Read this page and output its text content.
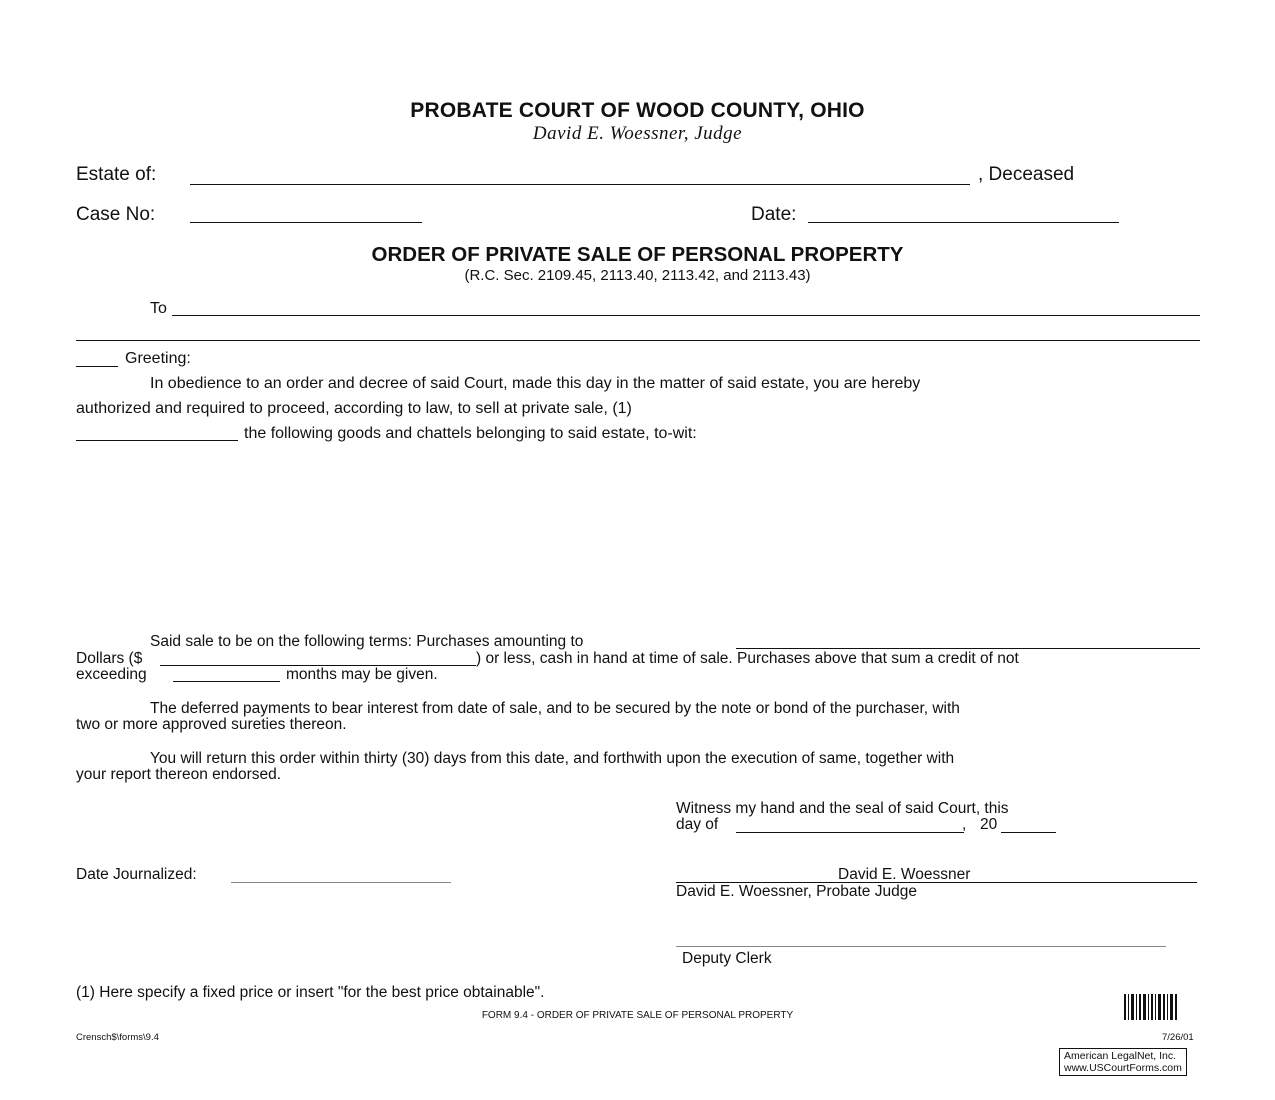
PROBATE COURT OF WOOD COUNTY, OHIO
David E. Woessner, Judge
Estate of:	, Deceased
Case No:	Date:
ORDER OF PRIVATE SALE OF PERSONAL PROPERTY
(R.C. Sec. 2109.45, 2113.40, 2113.42, and 2113.43)
To
Greeting:
In obedience to an order and decree of said Court, made this day in the matter of said estate, you are hereby
authorized and required to proceed, according to law, to sell at private sale, (1)
the following goods and chattels belonging to said estate, to-wit:
Said sale to be on the following terms: Purchases amounting to
Dollars ($	) or less, cash in hand at time of sale. Purchases above that sum a credit of not
exceeding	months may be given.
The deferred payments to bear interest from date of sale, and to be secured by the note or bond of the purchaser, with
two or more approved sureties thereon.
You will return this order within thirty (30) days from this date, and forthwith upon the execution of same, together with
your report thereon endorsed.
Witness my hand and the seal of said Court, this
day of	, 20
Date Journalized:	David E. Woessner
David E. Woessner, Probate Judge
Deputy Clerk
(1) Here specify a fixed price or insert "for the best price obtainable".
FORM 9.4 - ORDER OF PRIVATE SALE OF PERSONAL PROPERTY
Crensch$\forms\9.4	7/26/01
American LegalNet, Inc.
www.USCourtForms.com
